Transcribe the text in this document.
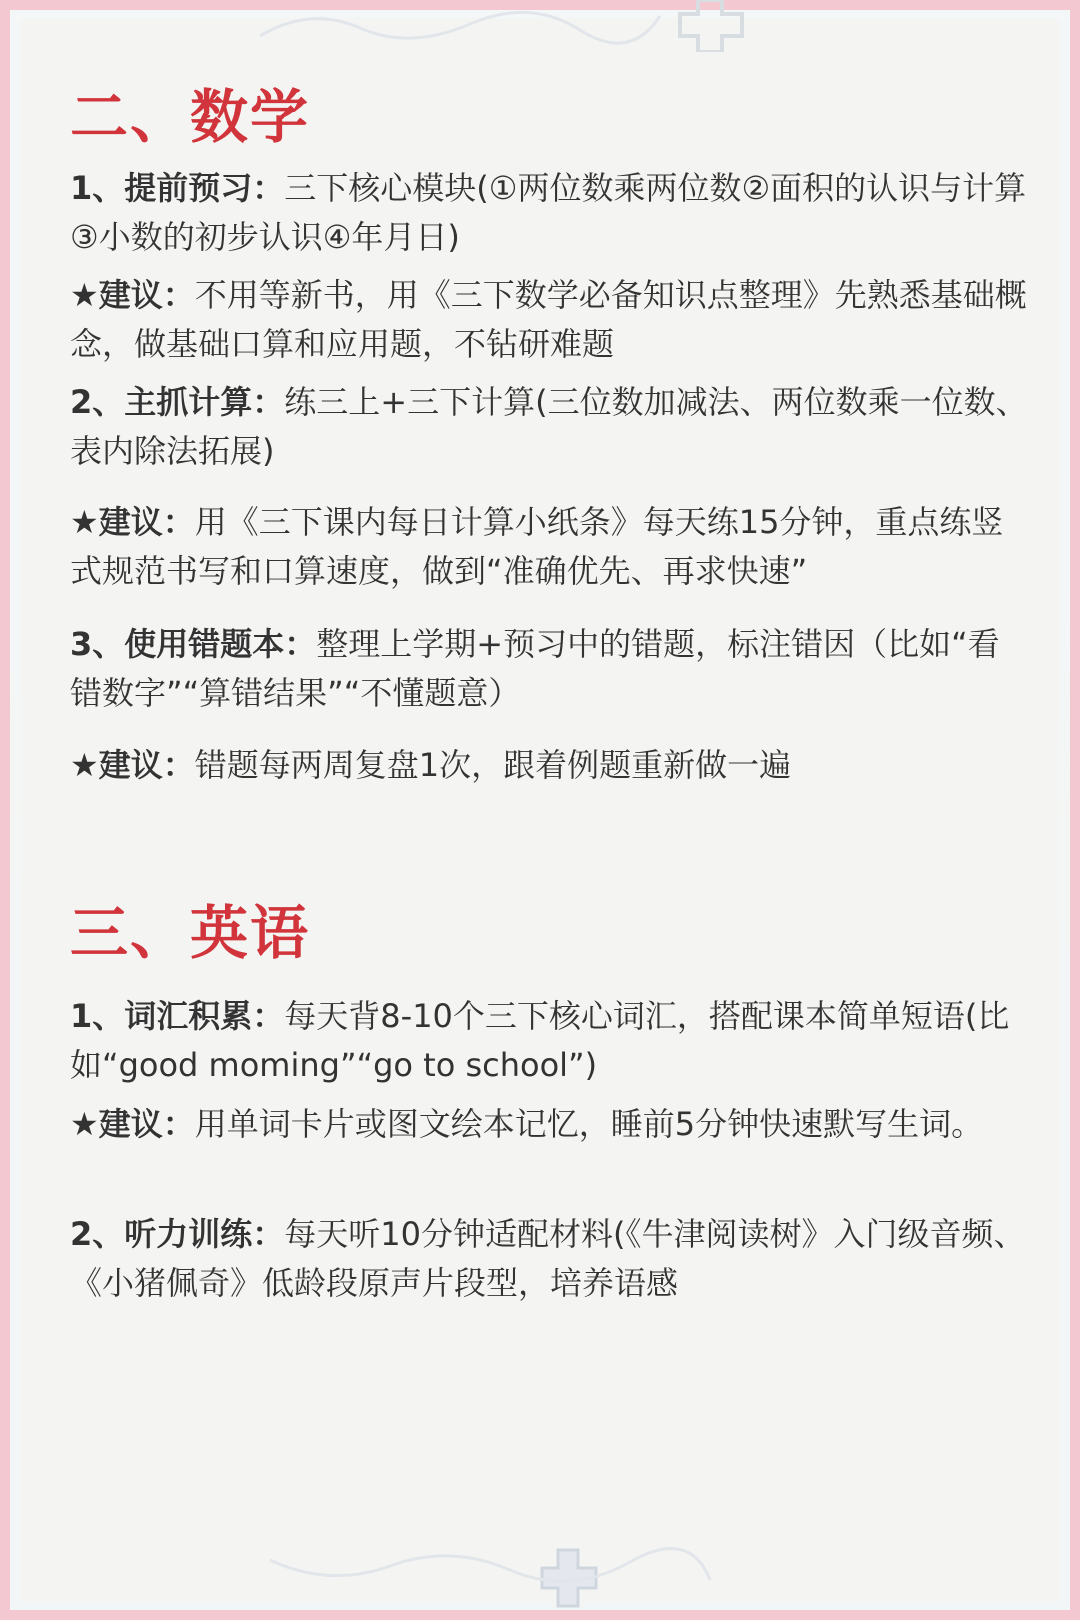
二、数学

1、提前预习：三下核心模块(①两位数乘两位数②面积的认识与计算③小数的初步认识④年月日)

★建议：不用等新书，用《三下数学必备知识点整理》先熟悉基础概念，做基础口算和应用题，不钻研难题

2、主抓计算：练三上+三下计算(三位数加减法、两位数乘一位数、表内除法拓展)

★建议：用《三下课内每日计算小纸条》每天练15分钟，重点练竖式规范书写和口算速度，做到“准确优先、再求快速”

3、使用错题本：整理上学期+预习中的错题，标注错因（比如“看错数字”“算错结果”“不懂题意）

★建议：错题每两周复盘1次，跟着例题重新做一遍

三、英语

1、词汇积累：每天背8-10个三下核心词汇，搭配课本简单短语(比如“good moming”“go to school”)

★建议：用单词卡片或图文绘本记忆，睡前5分钟快速默写生词。

2、听力训练：每天听10分钟适配材料(《牛津阅读树》入门级音频、《小猪佩奇》低龄段原声片段型，培养语感
